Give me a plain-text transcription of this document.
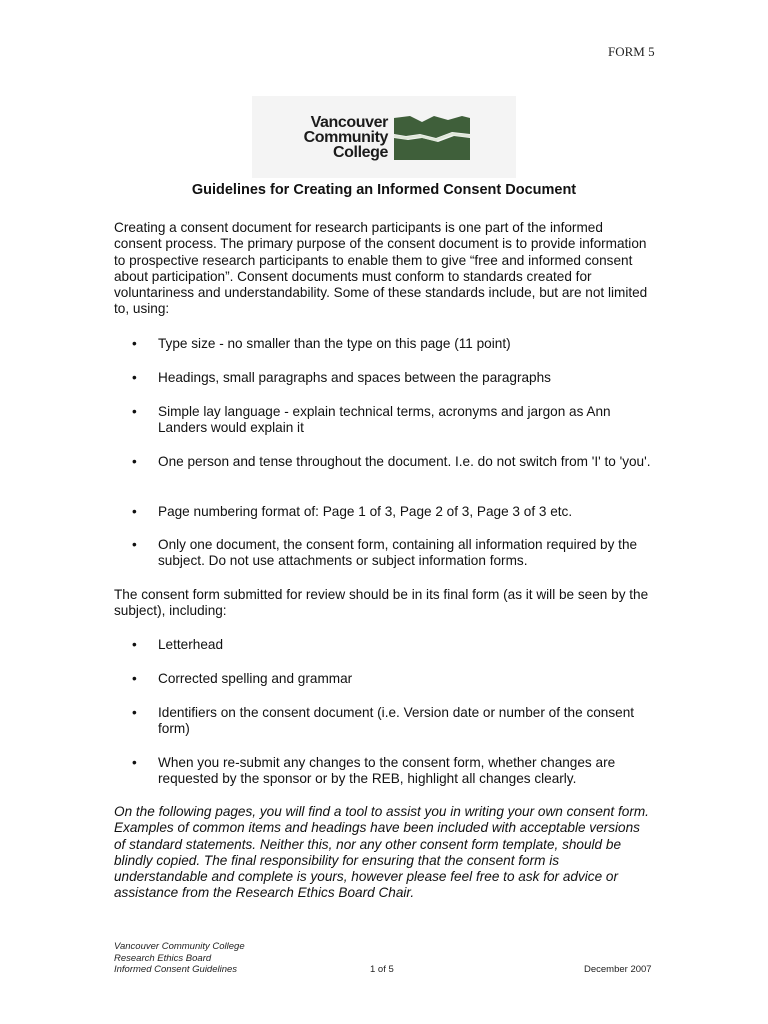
FORM 5
Vancouver
Community
College
Guidelines for Creating an Informed Consent Document

Creating a consent document for research participants is one part of the informed consent process. The primary purpose of the consent document is to provide information to prospective research participants to enable them to give “free and informed consent about participation”. Consent documents must conform to standards created for voluntariness and understandability. Some of these standards include, but are not limited to, using:

• Type size - no smaller than the type on this page (11 point)
• Headings, small paragraphs and spaces between the paragraphs
• Simple lay language - explain technical terms, acronyms and jargon as Ann Landers would explain it
• One person and tense throughout the document. I.e. do not switch from 'I' to 'you'.
• Page numbering format of: Page 1 of 3, Page 2 of 3, Page 3 of 3 etc.
• Only one document, the consent form, containing all information required by the subject. Do not use attachments or subject information forms.

The consent form submitted for review should be in its final form (as it will be seen by the subject), including:

• Letterhead
• Corrected spelling and grammar
• Identifiers on the consent document (i.e. Version date or number of the consent form)
• When you re-submit any changes to the consent form, whether changes are requested by the sponsor or by the REB, highlight all changes clearly.

On the following pages, you will find a tool to assist you in writing your own consent form. Examples of common items and headings have been included with acceptable versions of standard statements. Neither this, nor any other consent form template, should be blindly copied. The final responsibility for ensuring that the consent form is understandable and complete is yours, however please feel free to ask for advice or assistance from the Research Ethics Board Chair.

Vancouver Community College
Research Ethics Board
Informed Consent Guidelines	1 of 5	December 2007
